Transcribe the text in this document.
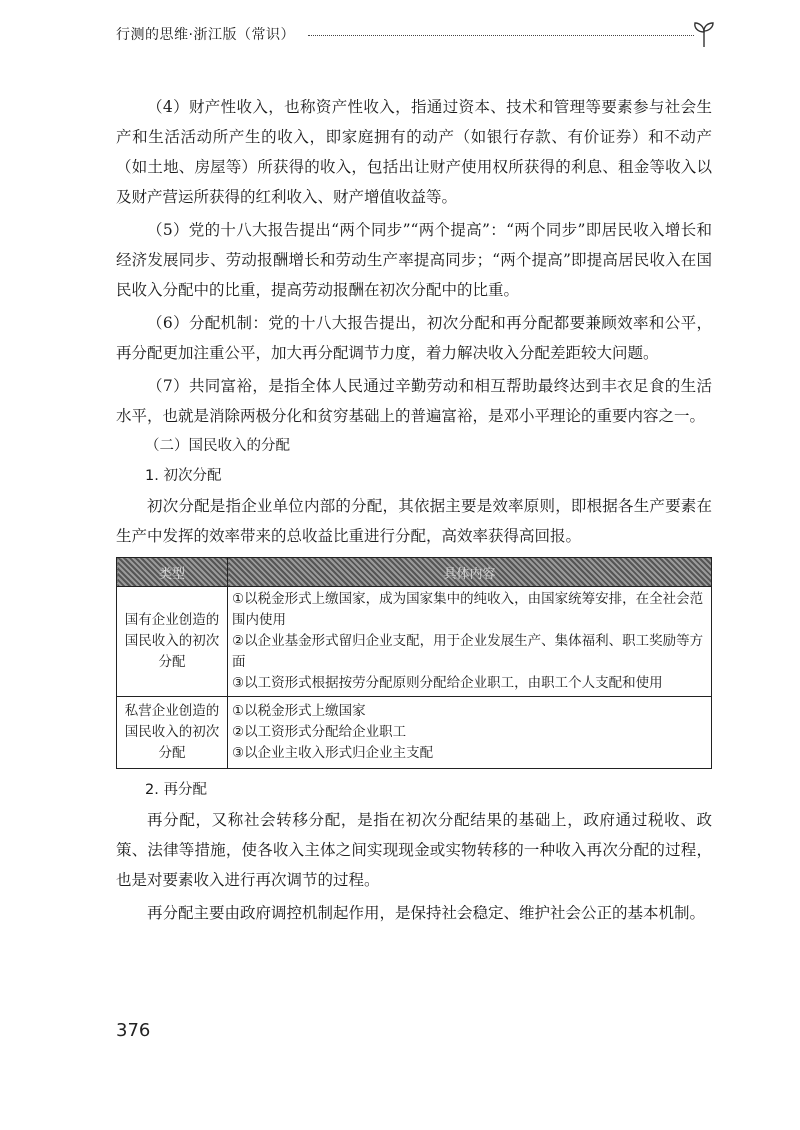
行测的思维·浙江版（常识）

（4）财产性收入，也称资产性收入，指通过资本、技术和管理等要素参与社会生产和生活活动所产生的收入，即家庭拥有的动产（如银行存款、有价证券）和不动产（如土地、房屋等）所获得的收入，包括出让财产使用权所获得的利息、租金等收入以及财产营运所获得的红利收入、财产增值收益等。

（5）党的十八大报告提出“两个同步”“两个提高”：“两个同步”即居民收入增长和经济发展同步、劳动报酬增长和劳动生产率提高同步；“两个提高”即提高居民收入在国民收入分配中的比重，提高劳动报酬在初次分配中的比重。

（6）分配机制：党的十八大报告提出，初次分配和再分配都要兼顾效率和公平，再分配更加注重公平，加大再分配调节力度，着力解决收入分配差距较大问题。

（7）共同富裕，是指全体人民通过辛勤劳动和相互帮助最终达到丰衣足食的生活水平，也就是消除两极分化和贫穷基础上的普遍富裕，是邓小平理论的重要内容之一。

（二）国民收入的分配

1. 初次分配

初次分配是指企业单位内部的分配，其依据主要是效率原则，即根据各生产要素在生产中发挥的效率带来的总收益比重进行分配，高效率获得高回报。

类型	具体内容
国有企业创造的国民收入的初次分配	①以税金形式上缴国家，成为国家集中的纯收入，由国家统筹安排，在全社会范围内使用
②以企业基金形式留归企业支配，用于企业发展生产、集体福利、职工奖励等方面
③以工资形式根据按劳分配原则分配给企业职工，由职工个人支配和使用

私营企业创造的国民收入的初次分配	①以税金形式上缴国家
②以工资形式分配给企业职工
③以企业主收入形式归企业主支配

2. 再分配

再分配，又称社会转移分配，是指在初次分配结果的基础上，政府通过税收、政策、法律等措施，使各收入主体之间实现现金或实物转移的一种收入再次分配的过程，也是对要素收入进行再次调节的过程。

再分配主要由政府调控机制起作用，是保持社会稳定、维护社会公正的基本机制。

376
